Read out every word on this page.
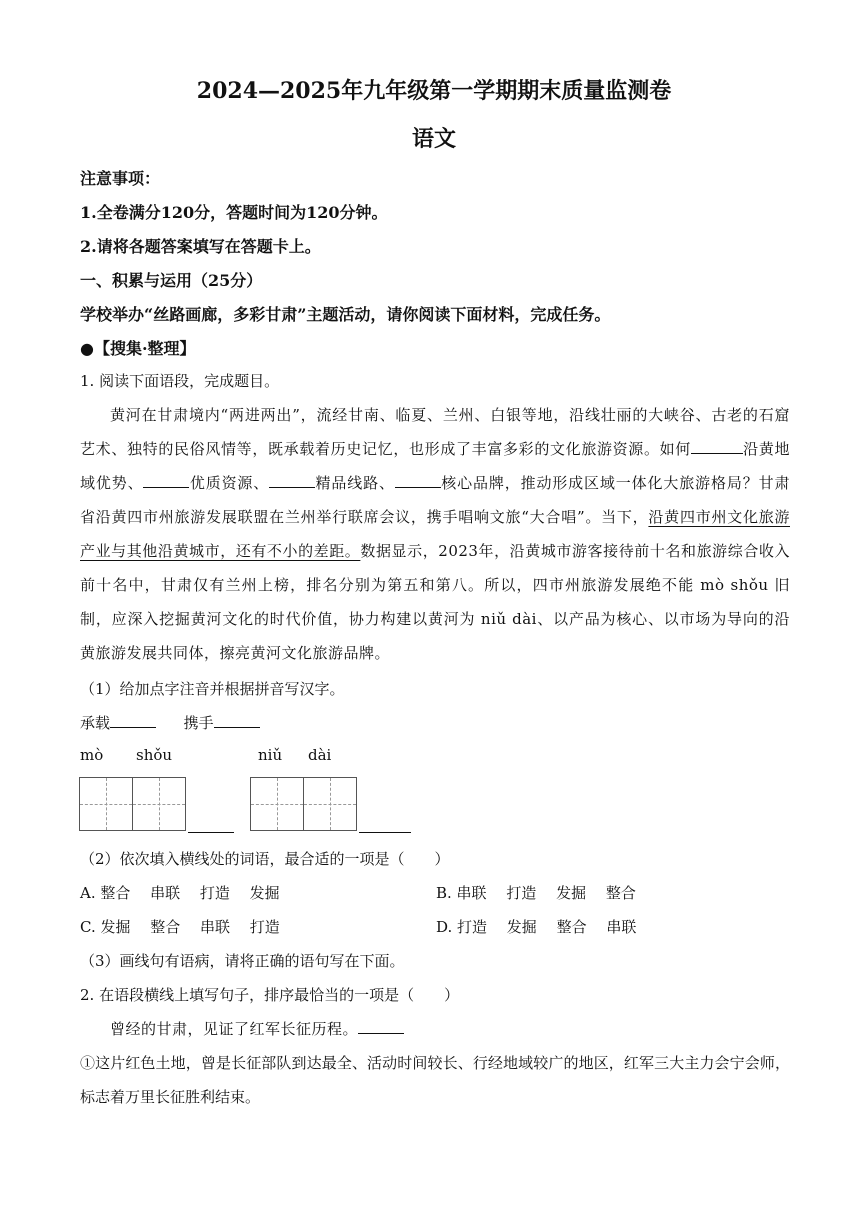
2024—2025年九年级第一学期期末质量监测卷
语文
注意事项：
1.全卷满分120分，答题时间为120分钟。
2.请将各题答案填写在答题卡上。
一、积累与运用（25分）
学校举办“丝路画廊，多彩甘肃”主题活动，请你阅读下面材料，完成任务。
●【搜集·整理】
1. 阅读下面语段，完成题目。
黄河在甘肃境内“两进两出”，流经甘南、临夏、兰州、白银等地，沿线壮丽的大峡谷、古老的石窟艺术、独特的民俗风情等，既承载着历史记忆，也形成了丰富多彩的文化旅游资源。如何	沿黄地域优势、	优质资源、	精品线路、	核心品牌，推动形成区域一体化大旅游格局？甘肃省沿黄四市州旅游发展联盟在兰州举行联席会议，携手唱响文旅“大合唱”。当下，沿黄四市州文化旅游产业与其他沿黄城市，还有不小的差距。数据显示，2023年，沿黄城市游客接待前十名和旅游综合收入前十名中，甘肃仅有兰州上榜，排名分别为第五和第八。所以，四市州旅游发展绝不能 mò shǒu 旧制，应深入挖掘黄河文化的时代价值，协力构建以黄河为 niǔ dài、以产品为核心、以市场为导向的沿黄旅游发展共同体，擦亮黄河文化旅游品牌。
（1）给加点字注音并根据拼音写汉字。
承载	携手
mò shǒu	niǔ dài
（2）依次填入横线处的词语，最合适的一项是（　　）
A. 整合　 串联　 打造　 发掘	B. 串联　 打造　 发掘　 整合
C. 发掘　 整合　 串联　 打造	D. 打造　 发掘　 整合　 串联
（3）画线句有语病，请将正确的语句写在下面。
2. 在语段横线上填写句子，排序最恰当的一项是（　　）
曾经的甘肃，见证了红军长征历程。
①这片红色土地，曾是长征部队到达最全、活动时间较长、行经地域较广的地区，红军三大主力会宁会师，标志着万里长征胜利结束。
